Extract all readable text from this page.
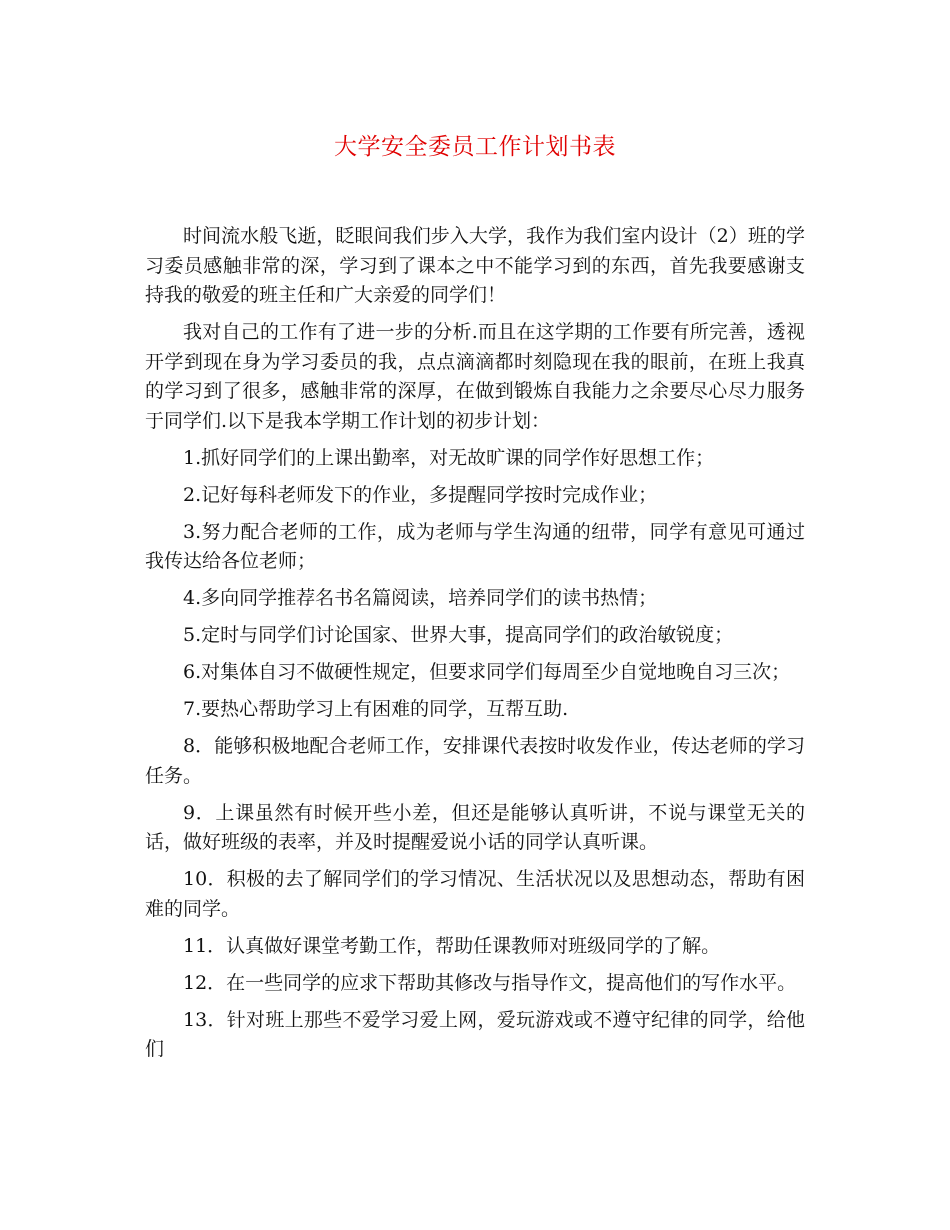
大学安全委员工作计划书表

时间流水般飞逝，眨眼间我们步入大学，我作为我们室内设计（2）班的学习委员感触非常的深，学习到了课本之中不能学习到的东西，首先我要感谢支持我的敬爱的班主任和广大亲爱的同学们！

我对自己的工作有了进一步的分析.而且在这学期的工作要有所完善，透视开学到现在身为学习委员的我，点点滴滴都时刻隐现在我的眼前，在班上我真的学习到了很多，感触非常的深厚，在做到锻炼自我能力之余要尽心尽力服务于同学们.以下是我本学期工作计划的初步计划：

1.抓好同学们的上课出勤率，对无故旷课的同学作好思想工作；

2.记好每科老师发下的作业，多提醒同学按时完成作业；

3.努力配合老师的工作，成为老师与学生沟通的纽带，同学有意见可通过我传达给各位老师；

4.多向同学推荐名书名篇阅读，培养同学们的读书热情；

5.定时与同学们讨论国家、世界大事，提高同学们的政治敏锐度；

6.对集体自习不做硬性规定，但要求同学们每周至少自觉地晚自习三次；

7.要热心帮助学习上有困难的同学，互帮互助.

8．能够积极地配合老师工作，安排课代表按时收发作业，传达老师的学习任务。

9．上课虽然有时候开些小差，但还是能够认真听讲，不说与课堂无关的话，做好班级的表率，并及时提醒爱说小话的同学认真听课。

10．积极的去了解同学们的学习情况、生活状况以及思想动态，帮助有困难的同学。

11．认真做好课堂考勤工作，帮助任课教师对班级同学的了解。

12．在一些同学的应求下帮助其修改与指导作文，提高他们的写作水平。

13．针对班上那些不爱学习爱上网，爱玩游戏或不遵守纪律的同学，给他们
